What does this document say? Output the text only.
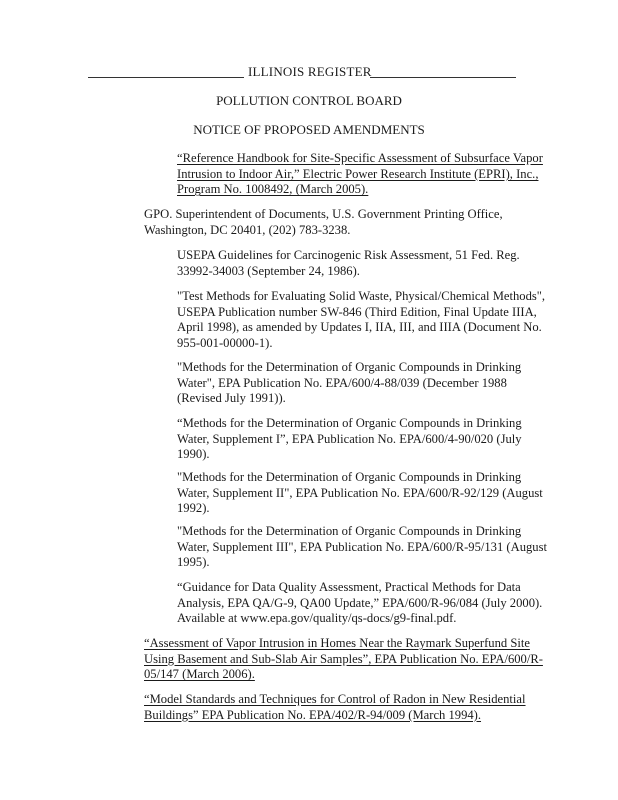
ILLINOIS REGISTER
POLLUTION CONTROL BOARD
NOTICE OF PROPOSED AMENDMENTS

“Reference Handbook for Site-Specific Assessment of Subsurface Vapor
Intrusion to Indoor Air,” Electric Power Research Institute (EPRI), Inc.,
Program No. 1008492, (March 2005).

GPO. Superintendent of Documents, U.S. Government Printing Office,
Washington, DC 20401, (202) 783-3238.

USEPA Guidelines for Carcinogenic Risk Assessment, 51 Fed. Reg.
33992-34003 (September 24, 1986).

"Test Methods for Evaluating Solid Waste, Physical/Chemical Methods",
USEPA Publication number SW-846 (Third Edition, Final Update IIIA,
April 1998), as amended by Updates I, IIA, III, and IIIA (Document No.
955-001-00000-1).

"Methods for the Determination of Organic Compounds in Drinking
Water", EPA Publication No. EPA/600/4-88/039 (December 1988
(Revised July 1991)).

“Methods for the Determination of Organic Compounds in Drinking
Water, Supplement I”, EPA Publication No. EPA/600/4-90/020 (July
1990).

"Methods for the Determination of Organic Compounds in Drinking
Water, Supplement II", EPA Publication No. EPA/600/R-92/129 (August
1992).

"Methods for the Determination of Organic Compounds in Drinking
Water, Supplement III", EPA Publication No. EPA/600/R-95/131 (August
1995).

“Guidance for Data Quality Assessment, Practical Methods for Data
Analysis, EPA QA/G-9, QA00 Update,” EPA/600/R-96/084 (July 2000).
Available at www.epa.gov/quality/qs-docs/g9-final.pdf.

“Assessment of Vapor Intrusion in Homes Near the Raymark Superfund Site
Using Basement and Sub-Slab Air Samples”, EPA Publication No. EPA/600/R-
05/147 (March 2006).

“Model Standards and Techniques for Control of Radon in New Residential
Buildings” EPA Publication No. EPA/402/R-94/009 (March 1994).
